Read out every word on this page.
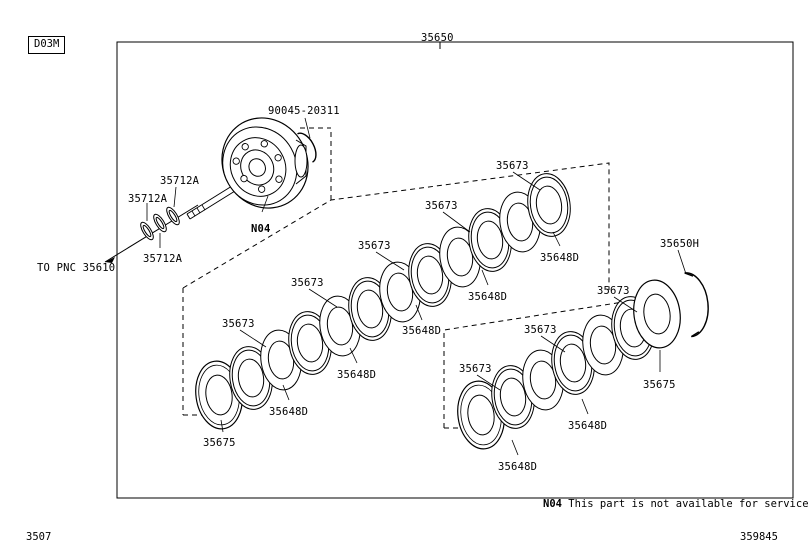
D03M	35650
TO PNC 35610
90045-20311
35712A
35712A
35712A
N04
35673
35673
35673
35673
35673
35673
35673
35673
35648D
35648D
35648D
35648D
35648D
35648D
35648D
35675
35675
35650H
N04 This part is not available for service
3507	359845
